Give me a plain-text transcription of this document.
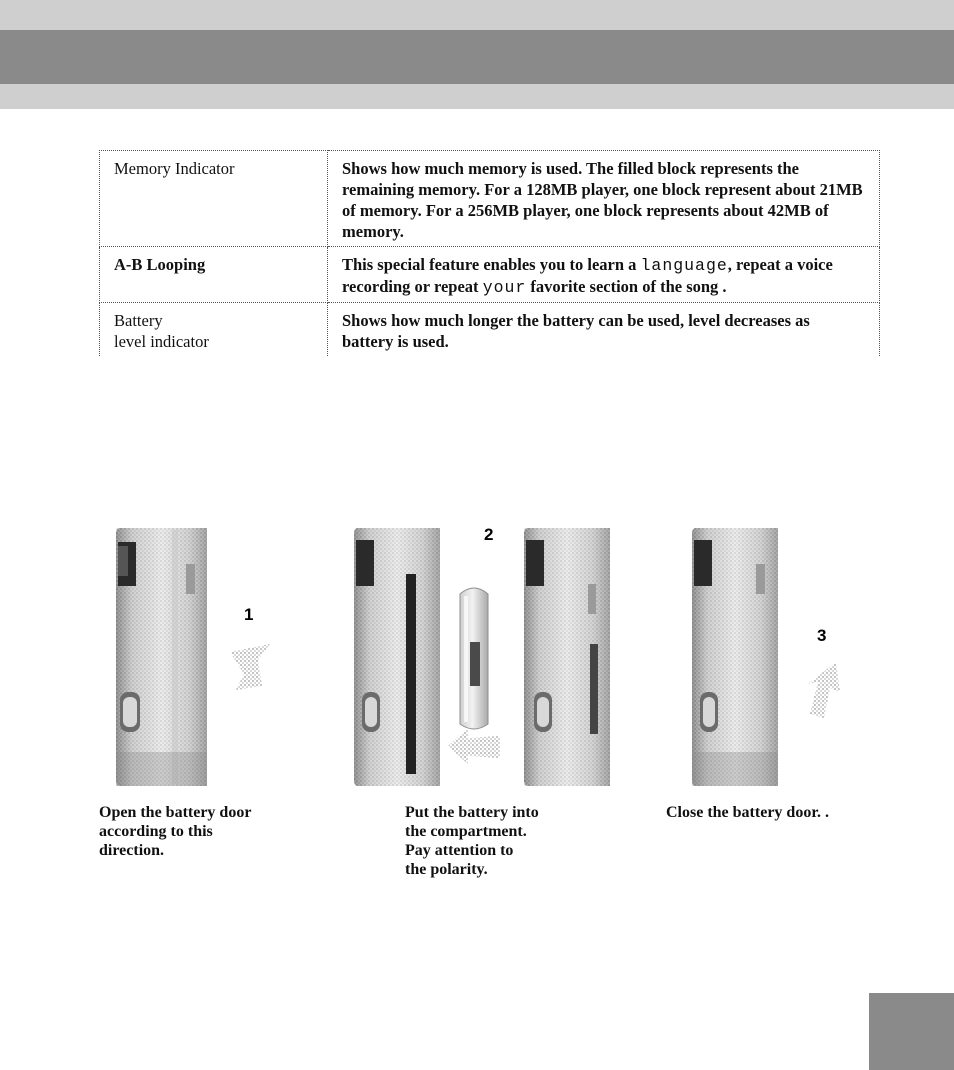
Memory Indicator	Shows how much memory is used. The filled block represents the remaining memory. For a 128MB player, one block represent about 21MB of memory. For a 256MB player, one block represents about 42MB of memory.
A-B Looping	This special feature enables you to learn a language, repeat a voice recording or repeat your favorite section of the song .

Battery
level indicator	Shows how much longer the battery can be used, level decreases as battery is used.
1
2
3

Open the battery door
according to this
direction.

Put the battery into
the compartment.
Pay attention to
the polarity.

Close the battery door. .
